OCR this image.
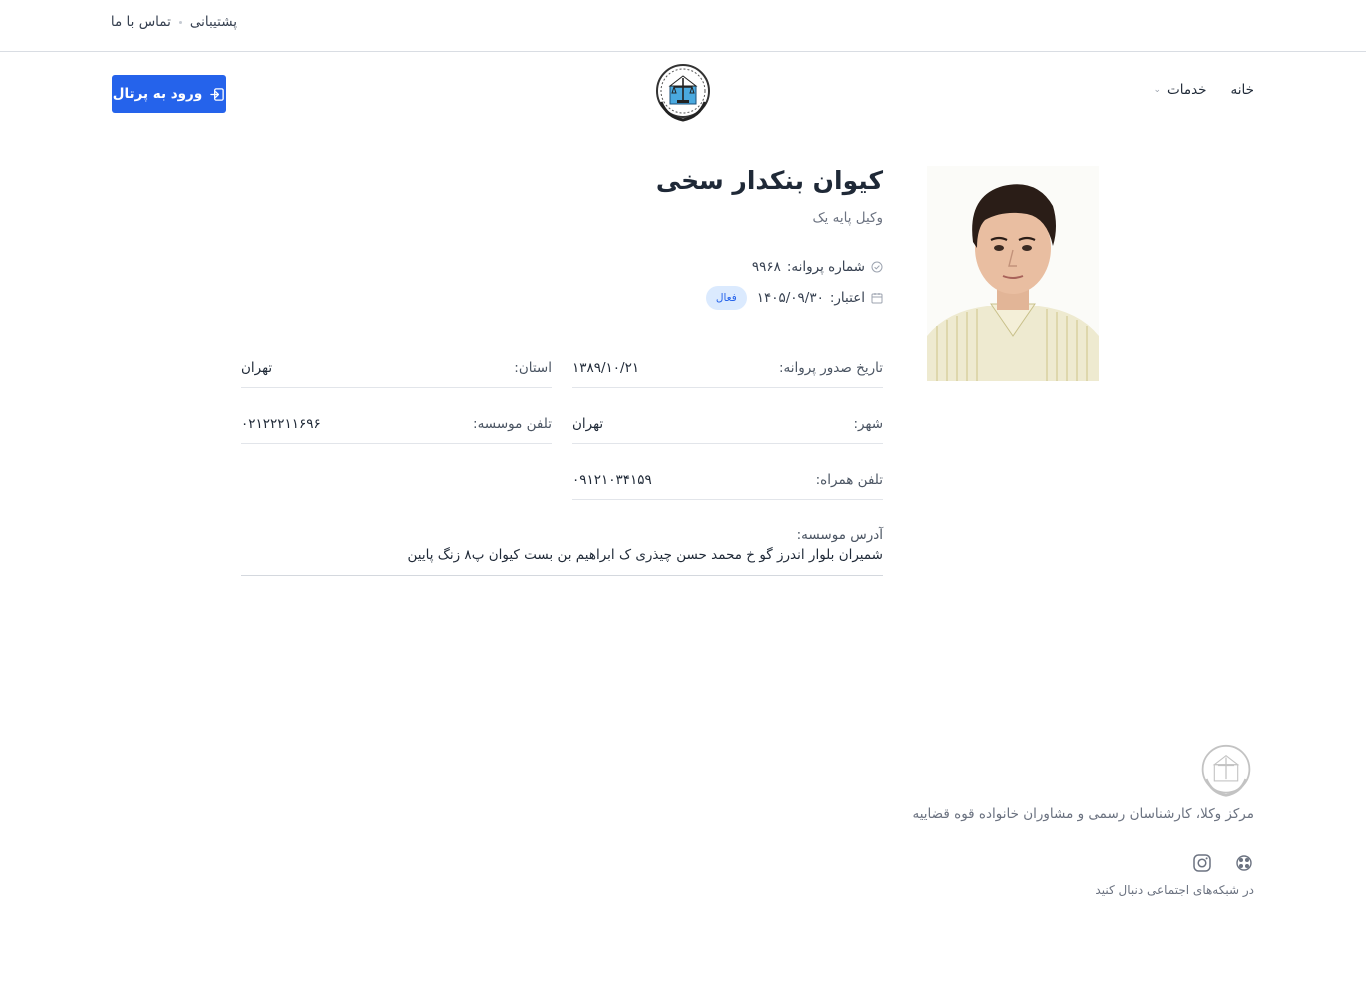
پشتیبانی
تماس با ما
خانه
خدمات
⌄
ورود به پرتال
کیوان بنکدار سخی
وکیل پایه یک
شماره پروانه:
۹۹۶۸
اعتبار:
۱۴۰۵/۰۹/۳۰
فعال
تاریخ صدور پروانه:
۱۳۸۹/۱۰/۲۱
شهر:
تهران
تلفن همراه:
۰۹۱۲۱۰۳۴۱۵۹
استان:
تهران
تلفن موسسه:
۰۲۱۲۲۲۱۱۶۹۶
آدرس موسسه:
شمیران بلوار اندرز گو خ محمد حسن چیذری ک ابراهیم بن بست کیوان پ۸ زنگ پایین
مرکز وکلا، کارشناسان رسمی و مشاوران خانواده قوه قضاییه
در شبکه‌های اجتماعی دنبال کنید
